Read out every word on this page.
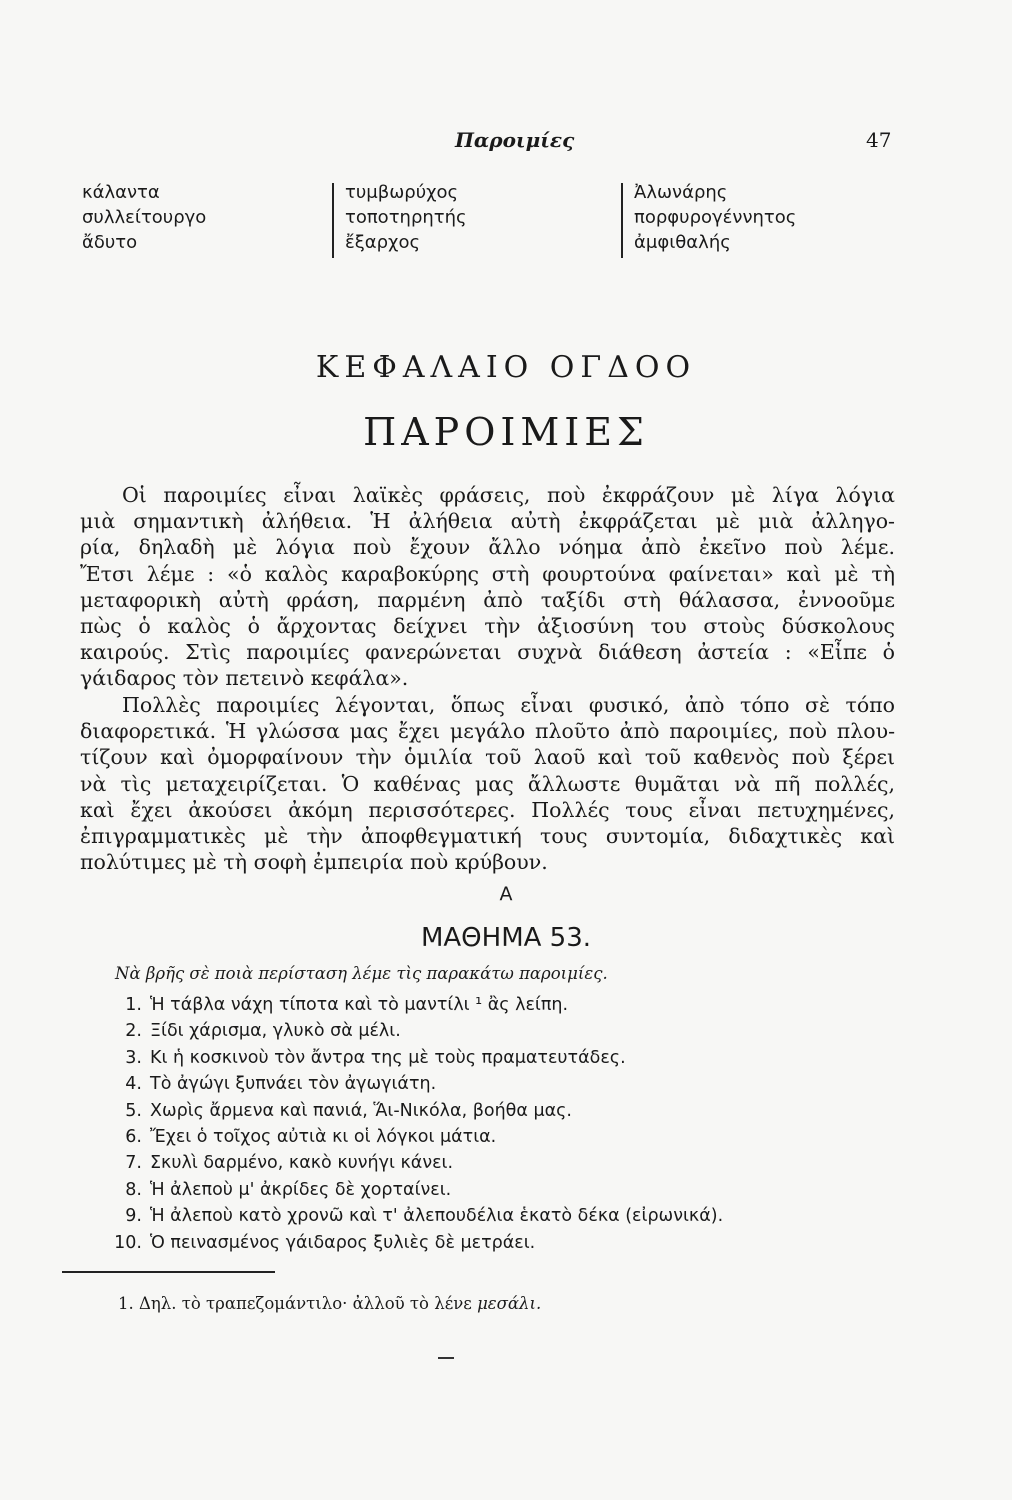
Παροιμίες	47
κάλαντα
συλλείτουργο
ἄδυτο
τυμβωρύχος
τοποτηρητής
ἔξαρχος
Ἀλωνάρης
πορφυρογέννητος
ἀμφιθαλής
ΚΕΦΑΛΑΙΟ ΟΓΔΟΟ
ΠΑΡΟΙΜΙΕΣ
Οἱ παροιμίες εἶναι λαϊκὲς φράσεις, ποὺ ἐκφράζουν μὲ λίγα λόγια
μιὰ σημαντικὴ ἀλήθεια. Ἡ ἀλήθεια αὐτὴ ἐκφράζεται μὲ μιὰ ἀλληγο-
ρία, δηλαδὴ μὲ λόγια ποὺ ἔχουν ἄλλο νόημα ἀπὸ ἐκεῖνο ποὺ λέμε.
Ἔτσι λέμε : «ὁ καλὸς καραβοκύρης στὴ φουρτούνα φαίνεται» καὶ μὲ τὴ
μεταφορικὴ αὐτὴ φράση, παρμένη ἀπὸ ταξίδι στὴ θάλασσα, ἐννοοῦμε
πὼς ὁ καλὸς ὁ ἄρχοντας δείχνει τὴν ἀξιοσύνη του στοὺς δύσκολους
καιρούς. Στὶς παροιμίες φανερώνεται συχνὰ διάθεση ἀστεία : «Εἶπε ὁ
γάιδαρος τὸν πετεινὸ κεφάλα».
Πολλὲς παροιμίες λέγονται, ὅπως εἶναι φυσικό, ἀπὸ τόπο σὲ τόπο
διαφορετικά. Ἡ γλώσσα μας ἔχει μεγάλο πλοῦτο ἀπὸ παροιμίες, ποὺ πλου-
τίζουν καὶ ὀμορφαίνουν τὴν ὁμιλία τοῦ λαοῦ καὶ τοῦ καθενὸς ποὺ ξέρει
νὰ τὶς μεταχειρίζεται. Ὁ καθένας μας ἄλλωστε θυμᾶται νὰ πῆ πολλές,
καὶ ἔχει ἀκούσει ἀκόμη περισσότερες. Πολλές τους εἶναι πετυχημένες,
ἐπιγραμματικὲς μὲ τὴν ἀποφθεγματική τους συντομία, διδαχτικὲς καὶ
πολύτιμες μὲ τὴ σοφὴ ἐμπειρία ποὺ κρύβουν.
Α
ΜΑΘΗΜΑ 53.
Νὰ βρῆς σὲ ποιὰ περίσταση λέμε τὶς παρακάτω παροιμίες.
1. Ἡ τάβλα νάχη τίποτα καὶ τὸ μαντίλι ¹ ἂς λείπη.
2. Ξίδι χάρισμα, γλυκὸ σὰ μέλι.
3. Κι ἡ κοσκινοὺ τὸν ἄντρα της μὲ τοὺς πραματευτάδες.
4. Τὸ ἀγώγι ξυπνάει τὸν ἀγωγιάτη.
5. Χωρὶς ἄρμενα καὶ πανιά, Ἅι-Νικόλα, βοήθα μας.
6. Ἔχει ὁ τοῖχος αὐτιὰ κι οἱ λόγκοι μάτια.
7. Σκυλὶ δαρμένο, κακὸ κυνήγι κάνει.
8. Ἡ ἀλεποὺ μ' ἀκρίδες δὲ χορταίνει.
9. Ἡ ἀλεποὺ κατὸ χρονῶ καὶ τ' ἀλεπουδέλια ἑκατὸ δέκα (εἰρωνικά).
10. Ὁ πεινασμένος γάιδαρος ξυλιὲς δὲ μετράει.
1. Δηλ. τὸ τραπεζομάντιλο· ἀλλοῦ τὸ λένε μεσάλι.
